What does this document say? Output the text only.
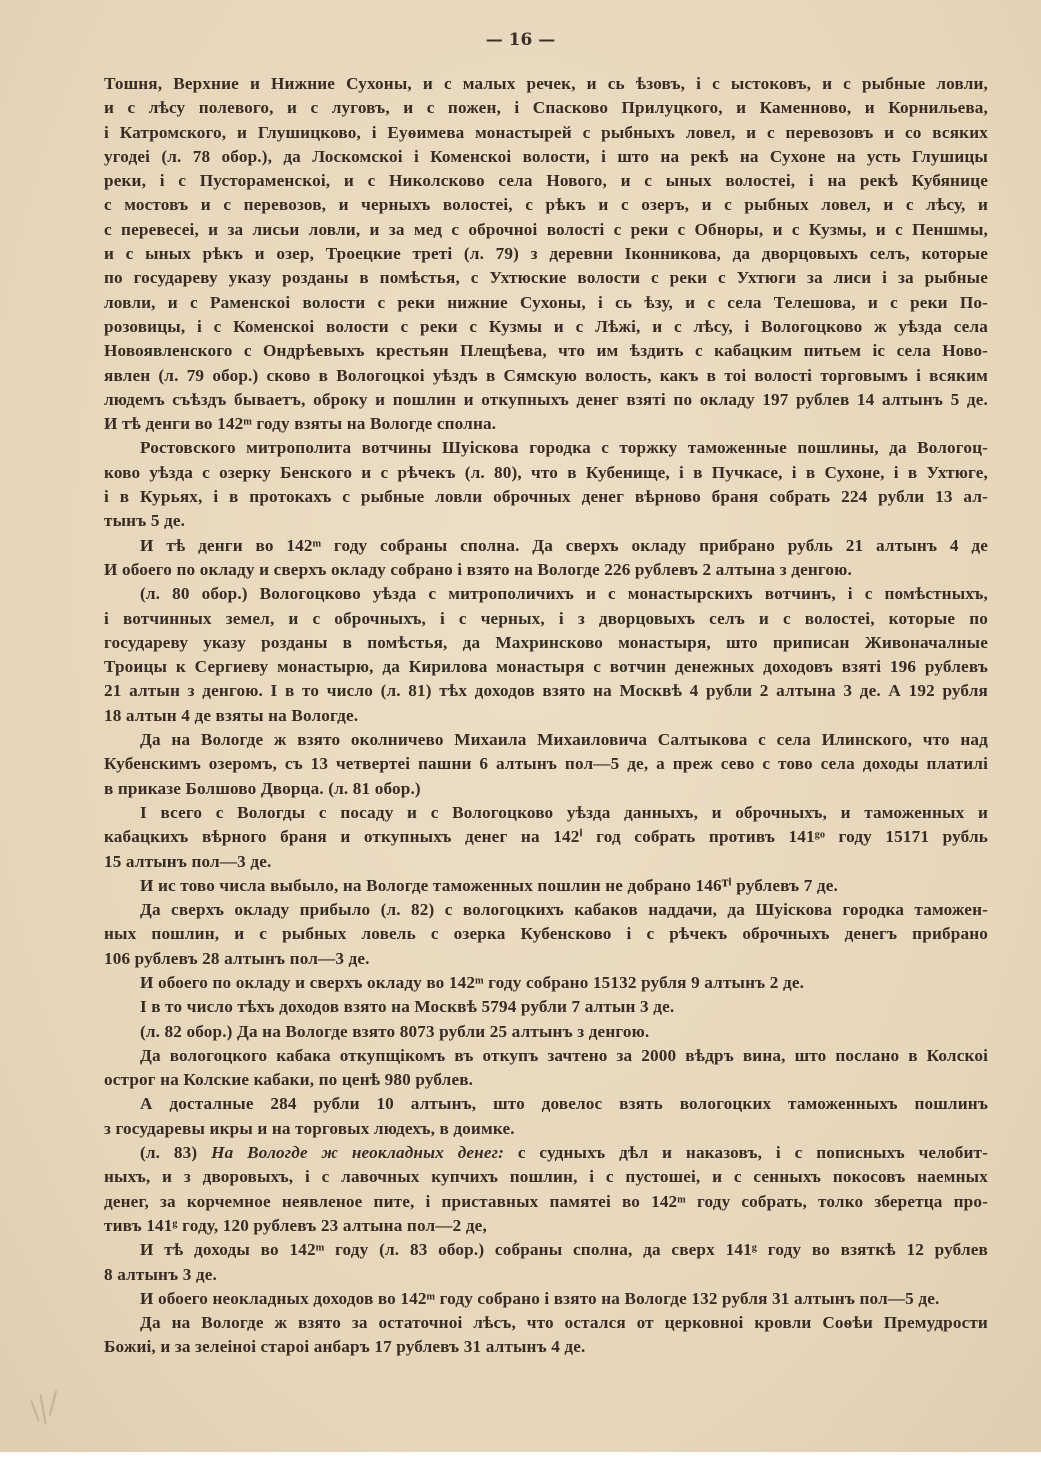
— 16 —
Тошня, Верхние и Нижние Сухоны, и с малых речек, и сь ѣзовъ, і с ыстоковъ, и с рыбные ловли,
и с лѣсу полевого, и с луговъ, и с пожен, і Спасково Прилуцкого, и Каменново, и Корнильева,
і Катромского, и Глушицково, і Еуѳимева монастырей с рыбныхъ ловел, и с перевозовъ и со всяких
угодеі (л. 78 обор.), да Лоскомскоі і Коменскоі волости, і што на рекѣ на Сухоне на усть Глушицы
реки, і с Пустораменскоі, и с Николсково села Нового, и с ыных волостеі, і на рекѣ Кубянице
с мостовъ и с перевозов, и черныхъ волостеі, с рѣкъ и с озеръ, и с рыбных ловел, и с лѣсу, и
с перевесеі, и за лисьи ловли, и за мед с оброчноі волості с реки с Обноры, и с Кузмы, и с Пеншмы,
и с ыных рѣкъ и озер, Троецкие треті (л. 79) з деревни Іконникова, да дворцовыхъ селъ, которые
по государеву указу розданы в помѣстья, с Ухтюские волости с реки с Ухтюги за лиси і за рыбные
ловли, и с Раменскоі волости с реки нижние Сухоны, і сь ѣзу, и с села Телешова, и с реки По-
розовицы, і с Коменскоі волости с реки с Кузмы и с Лѣжі, и с лѣсу, і Вологоцково ж уѣзда села
Новоявленского с Ондрѣевыхъ крестьян Плещѣева, что им ѣздить с кабацким питьем іс села Ново-
явлен (л. 79 обор.) сково в Вологоцкоі уѣздъ в Сямскую волость, какъ в тоі волості торговымъ і всяким
людемъ съѣздъ бываетъ, оброку и пошлин и откупныхъ денег взяті по окладу 197 рублев 14 алтынъ 5 де.
И тѣ денги во 142ᵐ году взяты на Вологде сполна.
Ростовского митрополита вотчины Шуіскова городка с торжку таможенные пошлины, да Вологоц-
ково уѣзда с озерку Бенского и с рѣчекъ (л. 80), что в Кубенище, і в Пучкасе, і в Сухоне, і в Ухтюге,
і в Курьях, і в протокахъ с рыбные ловли оброчных денег вѣрново браня собрать 224 рубли 13 ал-
тынъ 5 де.
И тѣ денги во 142ᵐ году собраны сполна. Да сверхъ окладу прибрано рубль 21 алтынъ 4 де
И обоего по окладу и сверхъ окладу собрано і взято на Вологде 226 рублевъ 2 алтына з денгою.
(л. 80 обор.) Вологоцково уѣзда с митрополичихъ и с монастырскихъ вотчинъ, і с помѣстныхъ,
і вотчинных земел, и с оброчныхъ, і с черных, і з дворцовыхъ селъ и с волостеі, которые по
государеву указу розданы в помѣстья, да Махринсково монастыря, што приписан Живоначалные
Троицы к Сергиеву монастырю, да Кирилова монастыря с вотчин денежных доходовъ взяті 196 рублевъ
21 алтын з денгою. І в то число (л. 81) тѣх доходов взято на Москвѣ 4 рубли 2 алтына 3 де. А 192 рубля
18 алтын 4 де взяты на Вологде.
Да на Вологде ж взято околничево Михаила Михаиловича Салтыкова с села Илинского, что над
Кубенскимъ озеромъ, съ 13 четвертеі пашни 6 алтынъ пол—5 де, а преж сево с тово села доходы платилі
в приказе Болшово Дворца. (л. 81 обор.)
І всего с Вологды с посаду и с Вологоцково уѣзда данныхъ, и оброчныхъ, и таможенных и
кабацкихъ вѣрного браня и откупныхъ денег на 142ⁱ год собрать противъ 141ᵍᵒ году 15171 рубль
15 алтынъ пол—3 де.
И ис тово числа выбыло, на Вологде таможенных пошлин не добрано 146ᵀⁱ рублевъ 7 де.
Да сверхъ окладу прибыло (л. 82) с вологоцкихъ кабаков наддачи, да Шуіскова городка таможен-
ных пошлин, и с рыбных ловель с озерка Кубенсково і с рѣчекъ оброчныхъ денегъ прибрано
106 рублевъ 28 алтынъ пол—3 де.
И обоего по окладу и сверхъ окладу во 142ᵐ году собрано 15132 рубля 9 алтынъ 2 де.
І в то число тѣхъ доходов взято на Москвѣ 5794 рубли 7 алтын 3 де.
(л. 82 обор.) Да на Вологде взято 8073 рубли 25 алтынъ з денгою.
Да вологоцкого кабака откупщікомъ въ откупъ зачтено за 2000 вѣдръ вина, што послано в Колскоі
острог на Колские кабаки, по ценѣ 980 рублев.
А досталные 284 рубли 10 алтынъ, што довелос взять вологоцких таможенныхъ пошлинъ
з государевы икры и на торговых людехъ, в доимке.
(л. 83) На Вологде ж неокладных денег: с судныхъ дѣл и наказовъ, і с пописныхъ челобит-
ныхъ, и з дворовыхъ, і с лавочных купчихъ пошлин, і с пустошеі, и с сенныхъ покосовъ наемных
денег, за корчемное неявленое пите, і приставных памятеі во 142ᵐ году собрать, толко зберетца про-
тивъ 141ᵍ году, 120 рублевъ 23 алтына пол—2 де,
И тѣ доходы во 142ᵐ году (л. 83 обор.) собраны сполна, да сверх 141ᵍ году во взяткѣ 12 рублев
8 алтынъ 3 де.
И обоего неокладных доходов во 142ᵐ году собрано і взято на Вологде 132 рубля 31 алтынъ пол—5 де.
Да на Вологде ж взято за остаточноі лѣсъ, что остался от церковноі кровли Соѳѣи Премудрости
Божиі, и за зелеіноі староі анбаръ 17 рублевъ 31 алтынъ 4 де.
